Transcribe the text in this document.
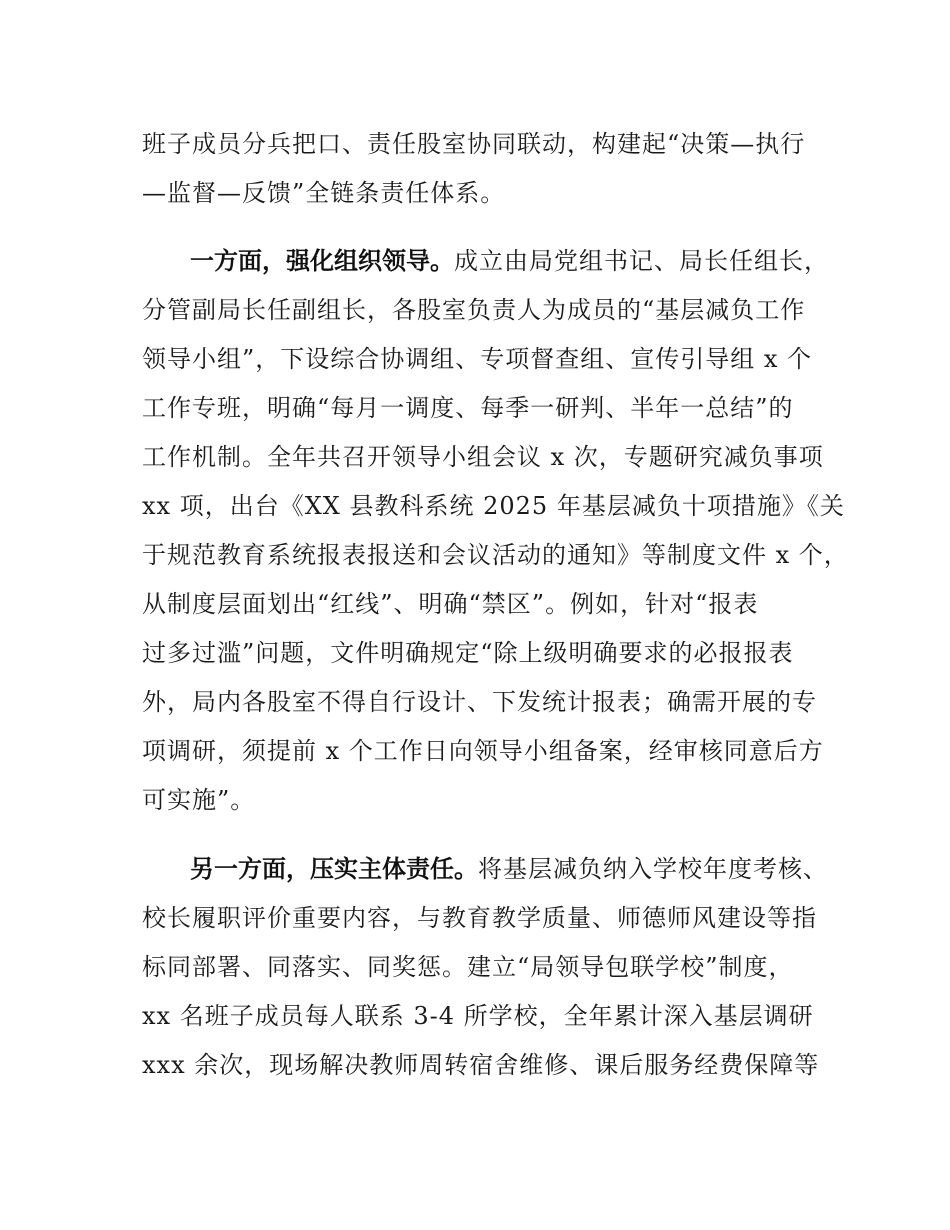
班子成员分兵把口、责任股室协同联动，构建起“决策—执行
—监督—反馈”全链条责任体系。
一方面，强化组织领导。成立由局党组书记、局长任组长，
分管副局长任副组长，各股室负责人为成员的“基层减负工作
领导小组”，下设综合协调组、专项督查组、宣传引导组 x 个
工作专班，明确“每月一调度、每季一研判、半年一总结”的
工作机制。全年共召开领导小组会议 x 次，专题研究减负事项
xx 项，出台《XX 县教科系统 2025 年基层减负十项措施》《关
于规范教育系统报表报送和会议活动的通知》等制度文件 x 个，
从制度层面划出“红线”、明确“禁区”。例如，针对“报表
过多过滥”问题，文件明确规定“除上级明确要求的必报报表
外，局内各股室不得自行设计、下发统计报表；确需开展的专
项调研，须提前 x 个工作日向领导小组备案，经审核同意后方
可实施”。
另一方面，压实主体责任。将基层减负纳入学校年度考核、
校长履职评价重要内容，与教育教学质量、师德师风建设等指
标同部署、同落实、同奖惩。建立“局领导包联学校”制度，
xx 名班子成员每人联系 3-4 所学校，全年累计深入基层调研
xxx 余次，现场解决教师周转宿舍维修、课后服务经费保障等
